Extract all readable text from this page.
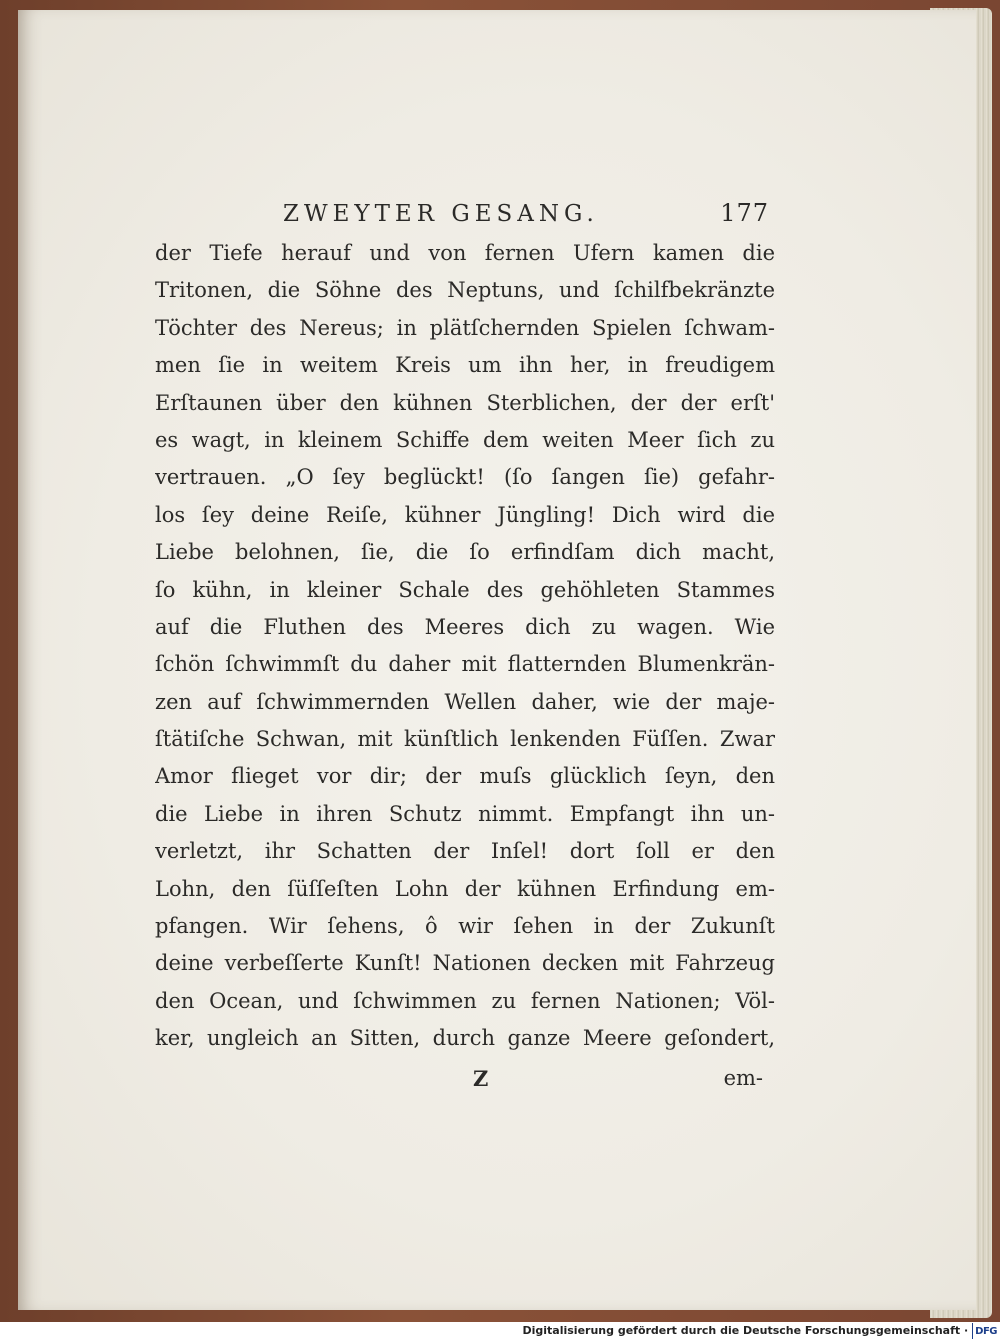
ZWEYTER GESANG.	177
der Tiefe herauf und von fernen Ufern kamen die
Tritonen, die Söhne des Neptuns, und ſchilfbekränzte
Töchter des Nereus; in plätſchernden Spielen ſchwam-
men ſie in weitem Kreis um ihn her, in freudigem
Erſtaunen über den kühnen Sterblichen, der der erſt'
es wagt, in kleinem Schiffe dem weiten Meer ſich zu
vertrauen. „O ſey beglückt! (ſo ſangen ſie) gefahr-
los ſey deine Reiſe, kühner Jüngling! Dich wird die
Liebe belohnen, ſie, die ſo erfindſam dich macht,
ſo kühn, in kleiner Schale des gehöhleten Stammes
auf die Fluthen des Meeres dich zu wagen. Wie
ſchön ſchwimmſt du daher mit flatternden Blumenkrän-
zen auf ſchwimmernden Wellen daher, wie der maje-
ſtätiſche Schwan, mit künſtlich lenkenden Füſſen. Zwar
Amor flieget vor dir; der muſs glücklich ſeyn, den
die Liebe in ihren Schutz nimmt. Empfangt ihn un-
verletzt, ihr Schatten der Inſel! dort ſoll er den
Lohn, den ſüſſeſten Lohn der kühnen Erfindung em-
pfangen. Wir ſehens, ô wir ſehen in der Zukunſt
deine verbeſſerte Kunſt! Nationen decken mit Fahrzeug
den Ocean, und ſchwimmen zu fernen Nationen; Völ-
ker, ungleich an Sitten, durch ganze Meere geſondert,
Z	em-
Digitalisierung gefördert durch die Deutsche Forschungsgemeinschaft · DFG
